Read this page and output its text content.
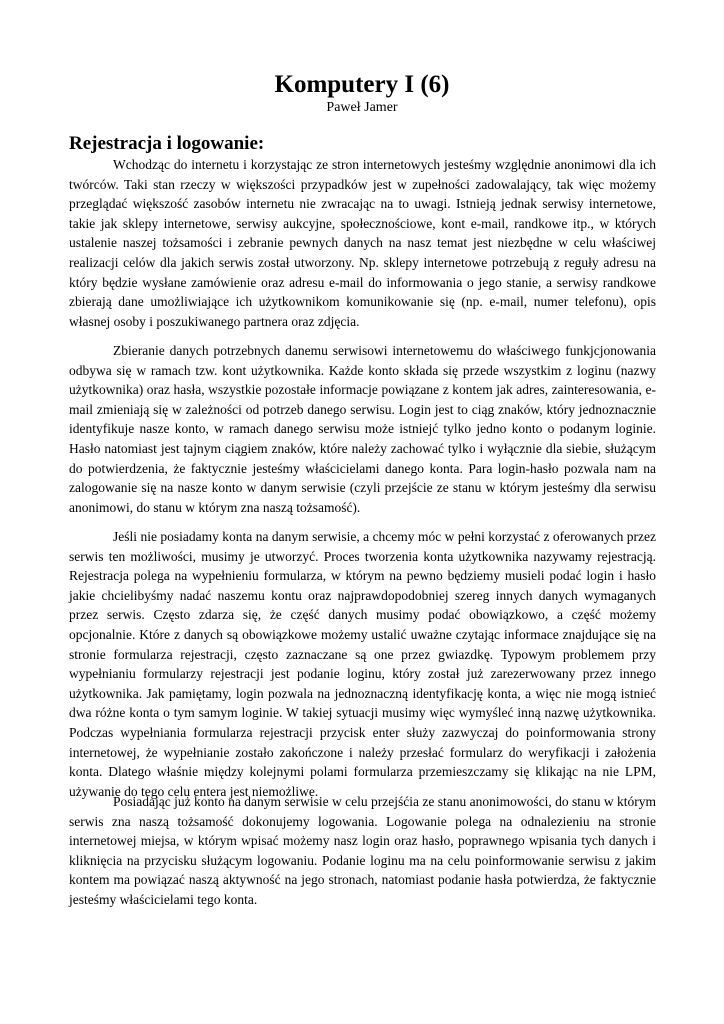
Komputery I (6)

Paweł Jamer

Rejestracja i logowanie:

Wchodząc do internetu i korzystając ze stron internetowych jesteśmy względnie anonimowi dla ich twórców. Taki stan rzeczy w większości przypadków jest w zupełności zadowalający, tak więc możemy przeglądać większość zasobów internetu nie zwracając na to uwagi. Istnieją jednak serwisy internetowe, takie jak sklepy internetowe, serwisy aukcyjne, społecznościowe, kont e-mail, randkowe itp., w których ustalenie naszej tożsamości i zebranie pewnych danych na nasz temat jest niezbędne w celu właściwej realizacji celów dla jakich serwis został utworzony. Np. sklepy internetowe potrzebują z reguły adresu na który będzie wysłane zamówienie oraz adresu e-mail do informowania o jego stanie, a serwisy randkowe zbierają dane umożliwiające ich użytkownikom komunikowanie się (np. e-mail, numer telefonu), opis własnej osoby i poszukiwanego partnera oraz zdjęcia.

Zbieranie danych potrzebnych danemu serwisowi internetowemu do właściwego funkjcjonowania odbywa się w ramach tzw. kont użytkownika. Każde konto składa się przede wszystkim z loginu (nazwy użytkownika) oraz hasła, wszystkie pozostałe informacje powiązane z kontem jak adres, zainteresowania, e-mail zmieniają się w zależności od potrzeb danego serwisu. Login jest to ciąg znaków, który jednoznacznie identyfikuje nasze konto, w ramach danego serwisu może istniejć tylko jedno konto o podanym loginie. Hasło natomiast jest tajnym ciągiem znaków, które należy zachować tylko i wyłącznie dla siebie, służącym do potwierdzenia, że faktycznie jesteśmy właścicielami danego konta. Para login-hasło pozwala nam na zalogowanie się na nasze konto w danym serwisie (czyli przejście ze stanu w którym jesteśmy dla serwisu anonimowi, do stanu w którym zna naszą tożsamość).

Jeśli nie posiadamy konta na danym serwisie, a chcemy móc w pełni korzystać z oferowanych przez serwis ten możliwości, musimy je utworzyć. Proces tworzenia konta użytkownika nazywamy rejestracją. Rejestracja polega na wypełnieniu formularza, w którym na pewno będziemy musieli podać login i hasło jakie chcielibyśmy nadać naszemu kontu oraz najprawdopodobniej szereg innych danych wymaganych przez serwis. Często zdarza się, że część danych musimy podać obowiązkowo, a część możemy opcjonalnie. Które z danych są obowiązkowe możemy ustalić uważne czytając informace znajdujące się na stronie formularza rejestracji, często zaznaczane są one przez gwiazdkę. Typowym problemem przy wypełnianiu formularzy rejestracji jest podanie loginu, który został już zarezerwowany przez innego użytkownika. Jak pamiętamy, login pozwala na jednoznaczną identyfikację konta, a więc nie mogą istnieć dwa różne konta o tym samym loginie. W takiej sytuacji musimy więc wymyśleć inną nazwę użytkownika. Podczas wypełniania formularza rejestracji przycisk enter służy zazwyczaj do poinformowania strony internetowej, że wypełnianie zostało zakończone i należy przesłać formularz do weryfikacji i założenia konta. Dlatego właśnie między kolejnymi polami formularza przemieszczamy się klikając na nie LPM, używanie do tego celu entera jest niemożliwe.

Posiadając już konto na danym serwisie w celu przejśćia ze stanu anonimowości, do stanu w którym serwis zna naszą tożsamość dokonujemy logowania. Logowanie polega na odnalezieniu na stronie internetowej miejsa, w którym wpisać możemy nasz login oraz hasło, poprawnego wpisania tych danych i kliknięcia na przycisku służącym logowaniu. Podanie loginu ma na celu poinformowanie serwisu z jakim kontem ma powiązać naszą aktywność na jego stronach, natomiast podanie hasła potwierdza, że faktycznie jesteśmy właścicielami tego konta.
